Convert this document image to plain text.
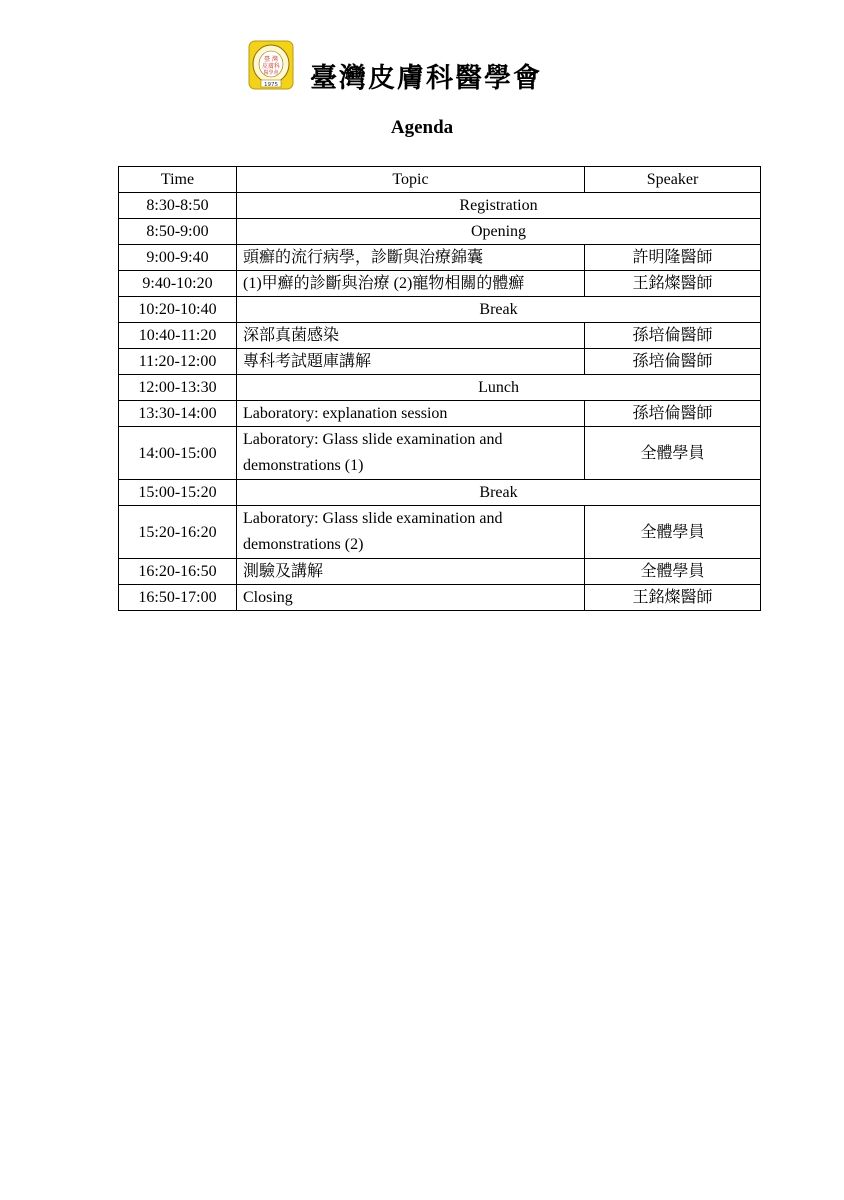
臺 灣
皮膚科
醫學會
1975 臺灣皮膚科醫學會
Agenda
Time	Topic	Speaker
8:30-8:50	Registration	
8:50-9:00	Opening	
9:00-9:40	頭癬的流行病學，診斷與治療錦囊	許明隆醫師
9:40-10:20	(1)甲癬的診斷與治療 (2)寵物相關的體癬	王銘燦醫師
10:20-10:40	Break	
10:40-11:20	深部真菌感染	孫培倫醫師
11:20-12:00	專科考試題庫講解	孫培倫醫師
12:00-13:30	Lunch	
13:30-14:00	Laboratory: explanation session	孫培倫醫師
14:00-15:00	Laboratory: Glass slide examination and
demonstrations (1)	全體學員
15:00-15:20	Break	
15:20-16:20	Laboratory: Glass slide examination and
demonstrations (2)	全體學員
16:20-16:50	測驗及講解	全體學員
16:50-17:00	Closing	王銘燦醫師
